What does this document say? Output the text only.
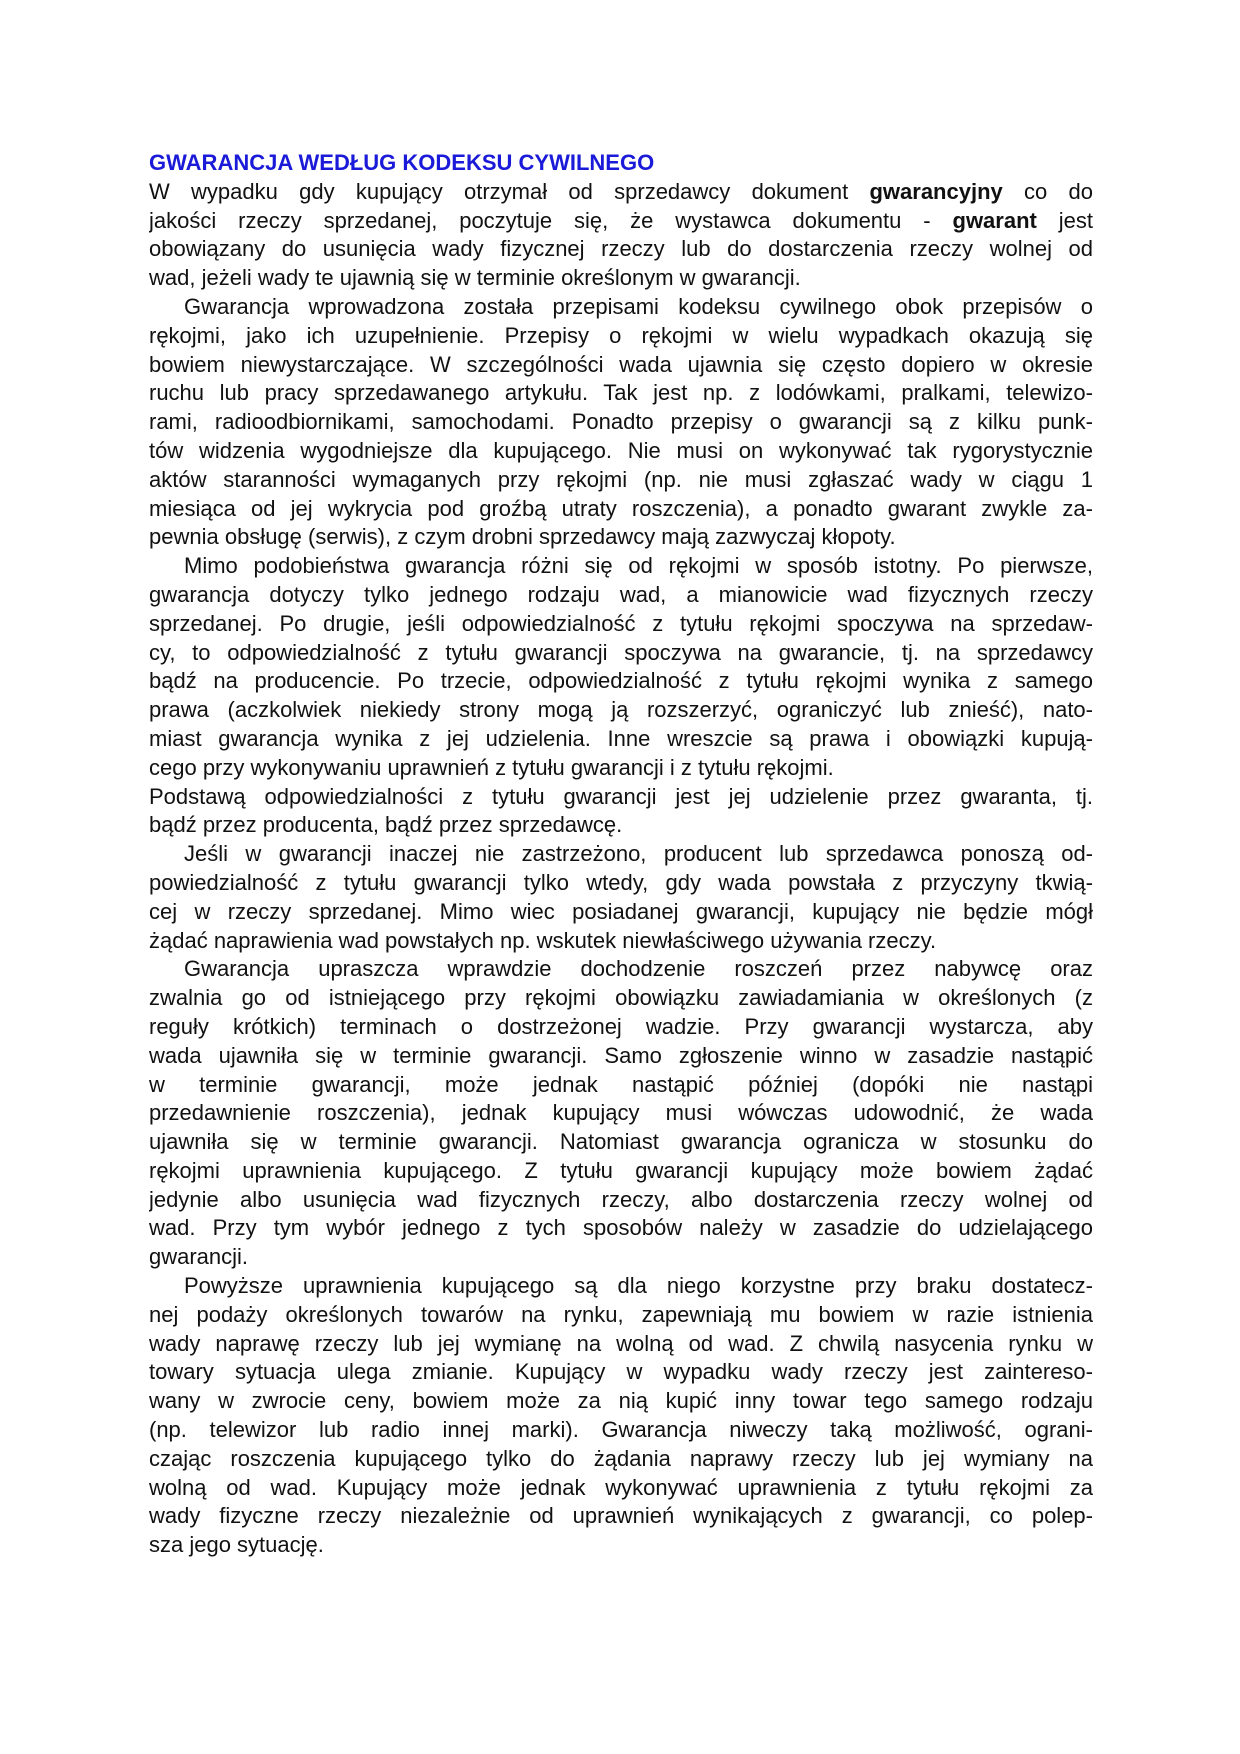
GWARANCJA WEDŁUG KODEKSU CYWILNEGO
W wypadku gdy kupujący otrzymał od sprzedawcy dokument gwarancyjny co do
jakości rzeczy sprzedanej, poczytuje się, że wystawca dokumentu - gwarant jest
obowiązany do usunięcia wady fizycznej rzeczy lub do dostarczenia rzeczy wolnej od
wad, jeżeli wady te ujawnią się w terminie określonym w gwarancji.
Gwarancja wprowadzona została przepisami kodeksu cywilnego obok przepisów o
rękojmi, jako ich uzupełnienie. Przepisy o rękojmi w wielu wypadkach okazują się
bowiem niewystarczające. W szczególności wada ujawnia się często dopiero w okresie
ruchu lub pracy sprzedawanego artykułu. Tak jest np. z lodówkami, pralkami, telewizo-
rami, radioodbiornikami, samochodami. Ponadto przepisy o gwarancji są z kilku punk-
tów widzenia wygodniejsze dla kupującego. Nie musi on wykonywać tak rygorystycznie
aktów staranności wymaganych przy rękojmi (np. nie musi zgłaszać wady w ciągu 1
miesiąca od jej wykrycia pod groźbą utraty roszczenia), a ponadto gwarant zwykle za-
pewnia obsługę (serwis), z czym drobni sprzedawcy mają zazwyczaj kłopoty.
Mimo podobieństwa gwarancja różni się od rękojmi w sposób istotny. Po pierwsze,
gwarancja dotyczy tylko jednego rodzaju wad, a mianowicie wad fizycznych rzeczy
sprzedanej. Po drugie, jeśli odpowiedzialność z tytułu rękojmi spoczywa na sprzedaw-
cy, to odpowiedzialność z tytułu gwarancji spoczywa na gwarancie, tj. na sprzedawcy
bądź na producencie. Po trzecie, odpowiedzialność z tytułu rękojmi wynika z samego
prawa (aczkolwiek niekiedy strony mogą ją rozszerzyć, ograniczyć lub znieść), nato-
miast gwarancja wynika z jej udzielenia. Inne wreszcie są prawa i obowiązki kupują-
cego przy wykonywaniu uprawnień z tytułu gwarancji i z tytułu rękojmi.
Podstawą odpowiedzialności z tytułu gwarancji jest jej udzielenie przez gwaranta, tj.
bądź przez producenta, bądź przez sprzedawcę.
Jeśli w gwarancji inaczej nie zastrzeżono, producent lub sprzedawca ponoszą od-
powiedzialność z tytułu gwarancji tylko wtedy, gdy wada powstała z przyczyny tkwią-
cej w rzeczy sprzedanej. Mimo wiec posiadanej gwarancji, kupujący nie będzie mógł
żądać naprawienia wad powstałych np. wskutek niewłaściwego używania rzeczy.
Gwarancja upraszcza wprawdzie dochodzenie roszczeń przez nabywcę oraz
zwalnia go od istniejącego przy rękojmi obowiązku zawiadamiania w określonych (z
reguły krótkich) terminach o dostrzeżonej wadzie. Przy gwarancji wystarcza, aby
wada ujawniła się w terminie gwarancji. Samo zgłoszenie winno w zasadzie nastąpić
w terminie gwarancji, może jednak nastąpić później (dopóki nie nastąpi
przedawnienie roszczenia), jednak kupujący musi wówczas udowodnić, że wada
ujawniła się w terminie gwarancji. Natomiast gwarancja ogranicza w stosunku do
rękojmi uprawnienia kupującego. Z tytułu gwarancji kupujący może bowiem żądać
jedynie albo usunięcia wad fizycznych rzeczy, albo dostarczenia rzeczy wolnej od
wad. Przy tym wybór jednego z tych sposobów należy w zasadzie do udzielającego
gwarancji.
Powyższe uprawnienia kupującego są dla niego korzystne przy braku dostatecz-
nej podaży określonych towarów na rynku, zapewniają mu bowiem w razie istnienia
wady naprawę rzeczy lub jej wymianę na wolną od wad. Z chwilą nasycenia rynku w
towary sytuacja ulega zmianie. Kupujący w wypadku wady rzeczy jest zaintereso-
wany w zwrocie ceny, bowiem może za nią kupić inny towar tego samego rodzaju
(np. telewizor lub radio innej marki). Gwarancja niweczy taką możliwość, ograni-
czając roszczenia kupującego tylko do żądania naprawy rzeczy lub jej wymiany na
wolną od wad. Kupujący może jednak wykonywać uprawnienia z tytułu rękojmi za
wady fizyczne rzeczy niezależnie od uprawnień wynikających z gwarancji, co polep-
sza jego sytuację.
